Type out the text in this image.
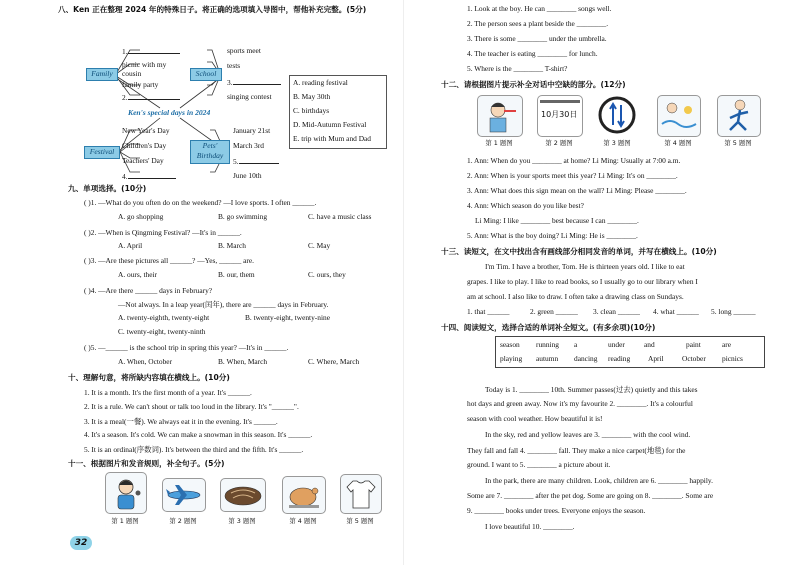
八、Ken 正在整理 2024 年的特殊日子。将正确的选项填入导图中，帮他补充完整。(5分)
Family	School
Festival
Pets' Birthday
1.
picnic with my cousin
family party
2.
sports meet
tests
3.
singing contest
Ken's special days in 2024
New Year's Day
Children's Day
Teachers' Day
4.
January 21st
March 3rd
5.
June 10th
A. reading festival
B. May 30th
C. birthdays
D. Mid-Autumn Festival
E. trip with Mum and Dad
九、单项选择。(10分)
( )1. —What do you often do on the weekend? —I love sports. I often ______.
A. go shopping	B. go swimming	C. have a music class
( )2. —When is Qingming Festival? —It's in ______.
A. April	B. March	C. May
( )3. —Are these pictures all ______? —Yes, ______ are.
A. ours, their	B. our, them	C. ours, they
( )4. —Are there ______ days in February?
—Not always. In a leap year(闰年), there are ______ days in February.
A. twenty-eighth, twenty-eight	B. twenty-eight, twenty-nine
C. twenty-eight, twenty-ninth
( )5. —______ is the school trip in spring this year? —It's in ______.
A. When, October	B. When, March	C. Where, March
十、理解句意，将所缺内容填在横线上。(10分)
1. It is a month. It's the first month of a year. It's ______.
2. It is a rule. We can't shout or talk too loud in the library. It's "______".
3. It is a meal(一餐). We always eat it in the evening. It's ______.
4. It's a season. It's cold. We can make a snowman in this season. It's ______.
5. It is an ordinal(序数词). It's between the third and the fifth. It's ______.
十一、根据图片和发音规则，补全句子。(5分)
第 1 题图	第 2 题图	第 3 题图	第 4 题图	第 5 题图
32
1. Look at the boy. He can ________ songs well.
2. The person sees a plant beside the ________.
3. There is some ________ under the umbrella.
4. The teacher is eating ________ for lunch.
5. Where is the ________ T-shirt?
十二、请根据图片提示补全对话中空缺的部分。(12分)
10月30日
第 1 题图	第 2 题图	第 3 题图	第 4 题图	第 5 题图
1. Ann: When do you ________ at home? Li Ming: Usually at 7:00 a.m.
2. Ann: When is your sports meet this year? Li Ming: It's on ________.
3. Ann: What does this sign mean on the wall? Li Ming: Please ________.
4. Ann: Which season do you like best?
Li Ming: I like ________ best because I can ________.
5. Ann: What is the boy doing? Li Ming: He is ________.
十三、读短文，在文中找出含有画线部分相同发音的单词，并写在横线上。(10分)
I'm Tim. I have a brother, Tom. He is thirteen years old. I like to eat
grapes. I like to play. I like to read books, so I usually go to our library when I
am at school. I also like to draw. I often take a drawing class on Sundays.
1. that ______	2. green ______ 3. clean ______ 4. what ______ 5. long ______
十四、阅读短文，选择合适的单词补全短文。(有多余项)(10分)
season running a	under	and	paint	are
playing autumn dancing reading April October picnics
Today is 1. ________ 10th. Summer passes(过去) quietly and this takes
hot days and green away. Now it's my favourite 2. ________. It's a colourful
season with cool weather. How beautiful it is!
In the sky, red and yellow leaves are 3. ________ with the cool wind.
They fall and fall 4. ________ fall. They make a nice carpet(地毯) for the
ground. I want to 5. ________ a picture about it.
In the park, there are many children. Look, children are 6. ________ happily.
Some are 7. ________ after the pet dog. Some are going on 8. ________. Some are
9. ________ books under trees. Everyone enjoys the season.
I love beautiful 10. ________.
